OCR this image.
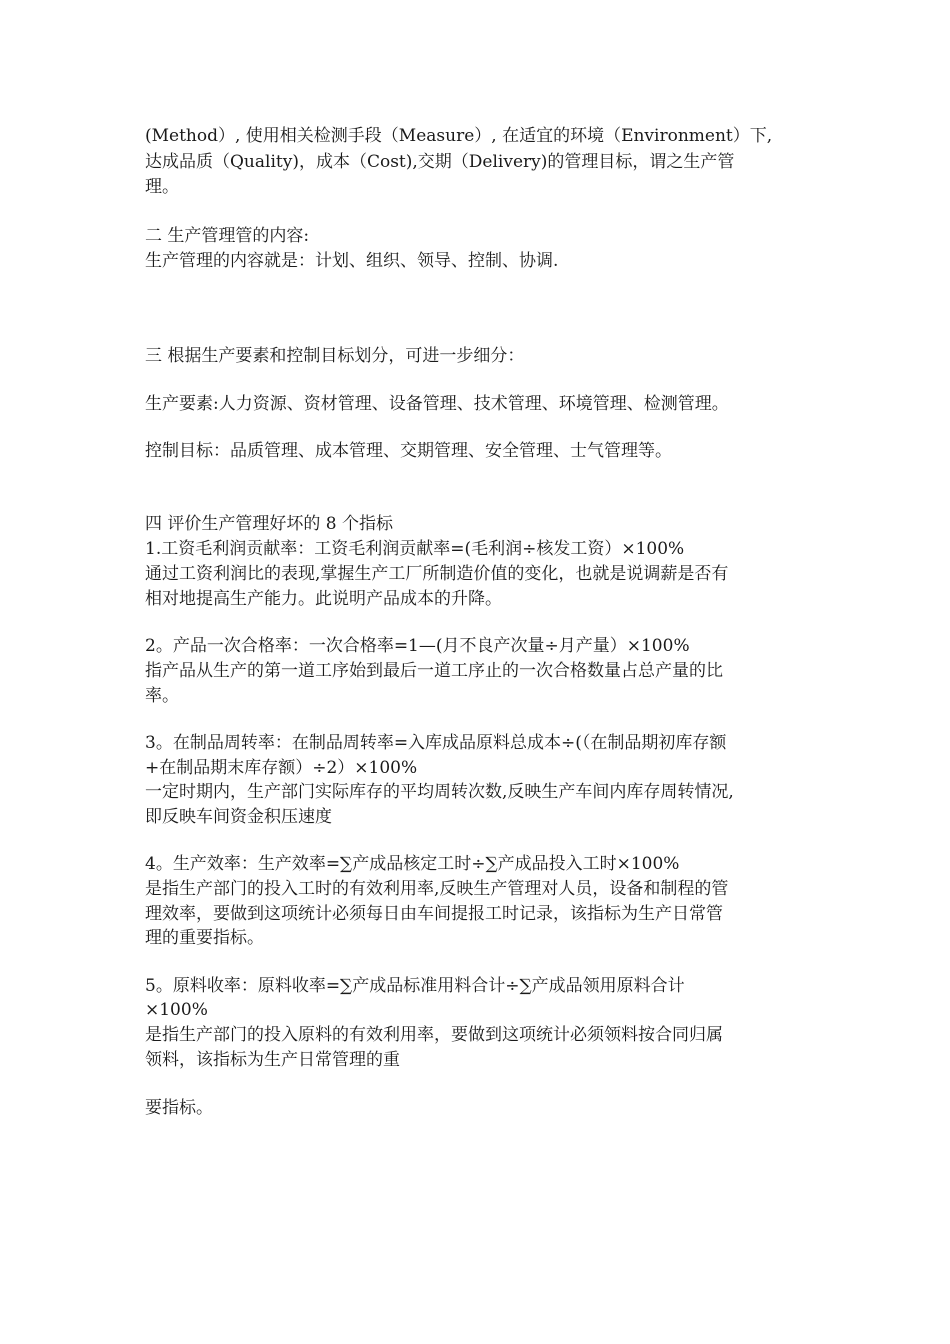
(Method）, 使用相关检测手段（Measure）, 在适宜的环境（Environment）下,
达成品质（Quality)，成本（Cost),交期（Delivery)的管理目标，谓之生产管
理。
二 生产管理管的内容:
生产管理的内容就是：计划、组织、领导、控制、协调.
三 根据生产要素和控制目标划分，可进一步细分：
生产要素:人力资源、资材管理、设备管理、技术管理、环境管理、检测管理。
控制目标：品质管理、成本管理、交期管理、安全管理、士气管理等。
四 评价生产管理好坏的 8 个指标
1.工资毛利润贡献率：工资毛利润贡献率=(毛利润÷核发工资）×100%
通过工资利润比的表现,掌握生产工厂所制造价值的变化，也就是说调薪是否有
相对地提高生产能力。此说明产品成本的升降。
2。产品一次合格率：一次合格率=1—(月不良产次量÷月产量）×100%
指产品从生产的第一道工序始到最后一道工序止的一次合格数量占总产量的比
率。
3。在制品周转率：在制品周转率=入库成品原料总成本÷(（在制品期初库存额
+在制品期末库存额）÷2）×100%
一定时期内，生产部门实际库存的平均周转次数,反映生产车间内库存周转情况,
即反映车间资金积压速度
4。生产效率：生产效率=∑产成品核定工时÷∑产成品投入工时×100%
是指生产部门的投入工时的有效利用率,反映生产管理对人员，设备和制程的管
理效率，要做到这项统计必须每日由车间提报工时记录，该指标为生产日常管
理的重要指标。
5。原料收率：原料收率=∑产成品标准用料合计÷∑产成品领用原料合计
×100%
是指生产部门的投入原料的有效利用率，要做到这项统计必须领料按合同归属
领料，该指标为生产日常管理的重
要指标。
